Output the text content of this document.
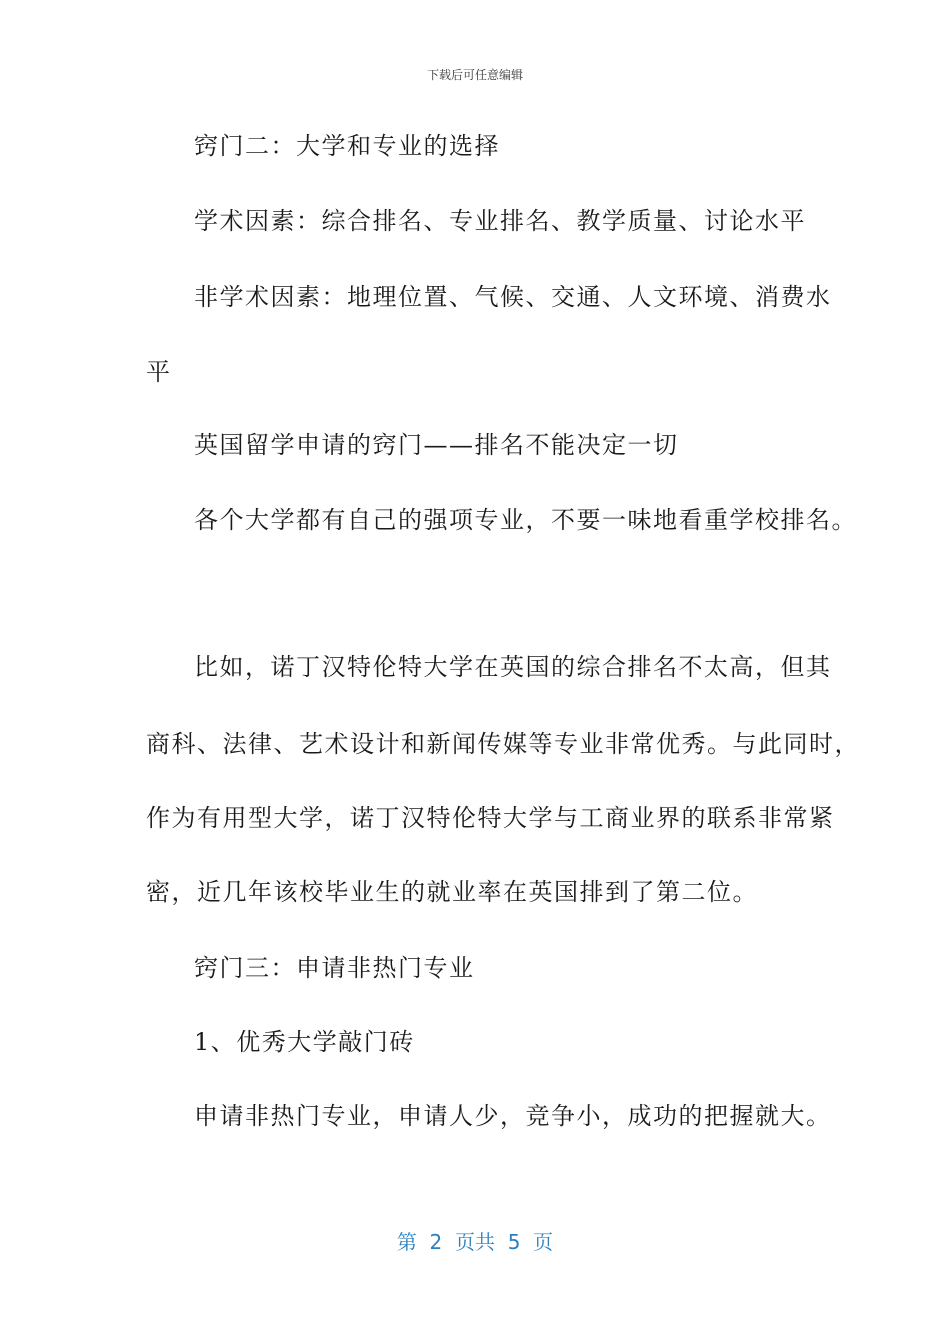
下载后可任意编辑
窍门二：大学和专业的选择
学术因素：综合排名、专业排名、教学质量、讨论水平
非学术因素：地理位置、气候、交通、人文环境、消费水
平
英国留学申请的窍门——排名不能决定一切
各个大学都有自己的强项专业，不要一味地看重学校排名。
比如，诺丁汉特伦特大学在英国的综合排名不太高，但其
商科、法律、艺术设计和新闻传媒等专业非常优秀。与此同时，
作为有用型大学，诺丁汉特伦特大学与工商业界的联系非常紧
密，近几年该校毕业生的就业率在英国排到了第二位。
窍门三：申请非热门专业
1、优秀大学敲门砖
申请非热门专业，申请人少，竞争小，成功的把握就大。
第  2  页共  5  页
